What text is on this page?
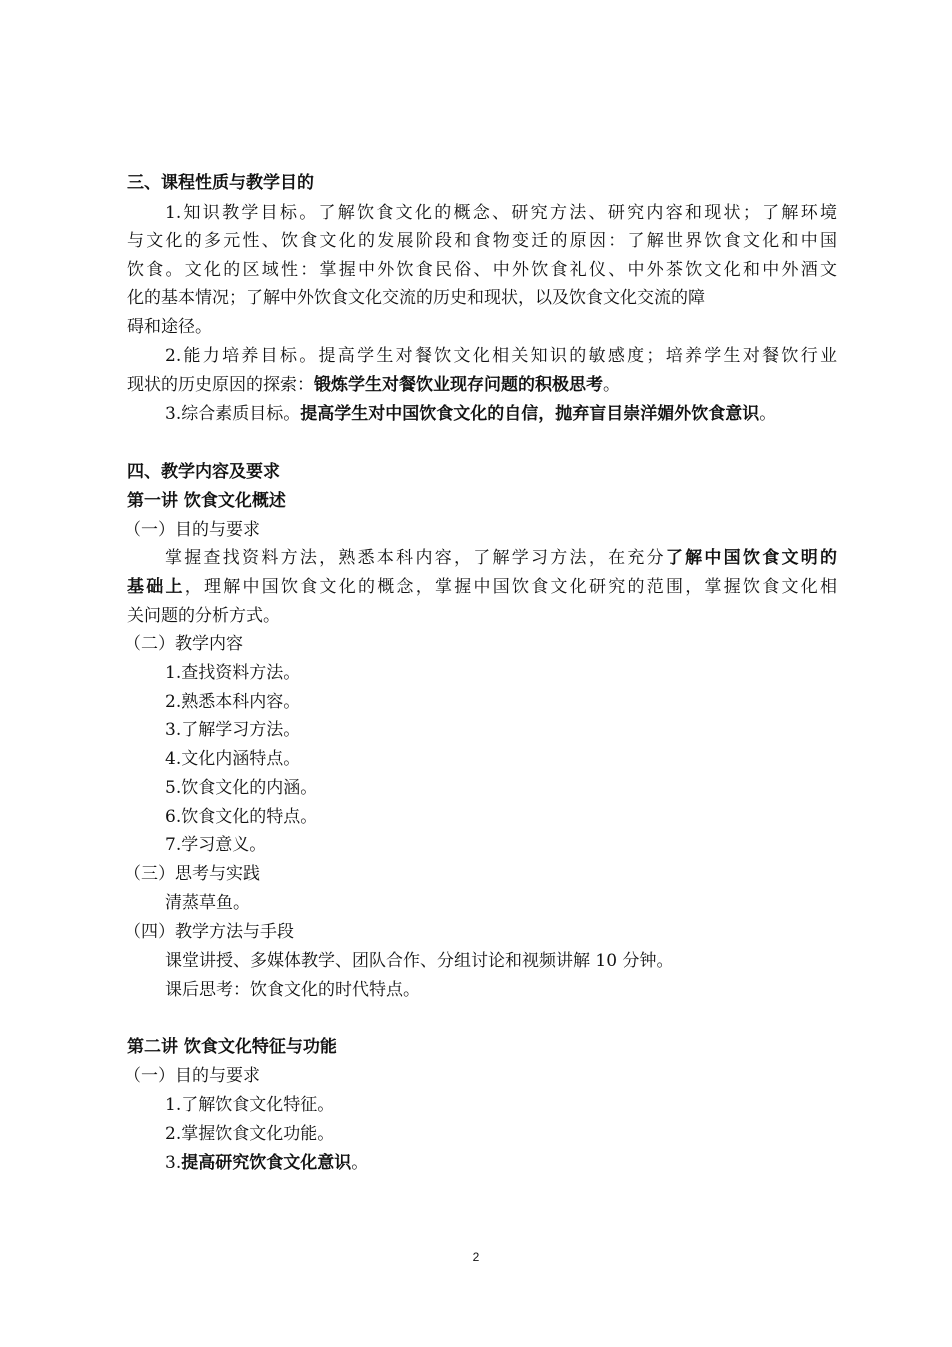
三、课程性质与教学目的
1.知识教学目标。了解饮食文化的概念、研究方法、研究内容和现状；了解环境
与文化的多元性、饮食文化的发展阶段和食物变迁的原因：了解世界饮食文化和中国
饮食。文化的区域性：掌握中外饮食民俗、中外饮食礼仪、中外茶饮文化和中外酒文
化的基本情况；了解中外饮食文化交流的历史和现状，以及饮食文化交流的障
碍和途径。
2.能力培养目标。提高学生对餐饮文化相关知识的敏感度；培养学生对餐饮行业
现状的历史原因的探索：锻炼学生对餐饮业现存问题的积极思考。
3.综合素质目标。提高学生对中国饮食文化的自信，抛弃盲目崇洋媚外饮食意识。
四、教学内容及要求
第一讲 饮食文化概述
（一）目的与要求
掌握查找资料方法，熟悉本科内容，了解学习方法，在充分了解中国饮食文明的
基础上，理解中国饮食文化的概念，掌握中国饮食文化研究的范围，掌握饮食文化相
关问题的分析方式。
（二）教学内容
1.查找资料方法。
2.熟悉本科内容。
3.了解学习方法。
4.文化内涵特点。
5.饮食文化的内涵。
6.饮食文化的特点。
7.学习意义。
（三）思考与实践
清蒸草鱼。
（四）教学方法与手段
课堂讲授、多媒体教学、团队合作、分组讨论和视频讲解 10 分钟。
课后思考：饮食文化的时代特点。
第二讲 饮食文化特征与功能
（一）目的与要求
1.了解饮食文化特征。
2.掌握饮食文化功能。
3.提高研究饮食文化意识。
2
